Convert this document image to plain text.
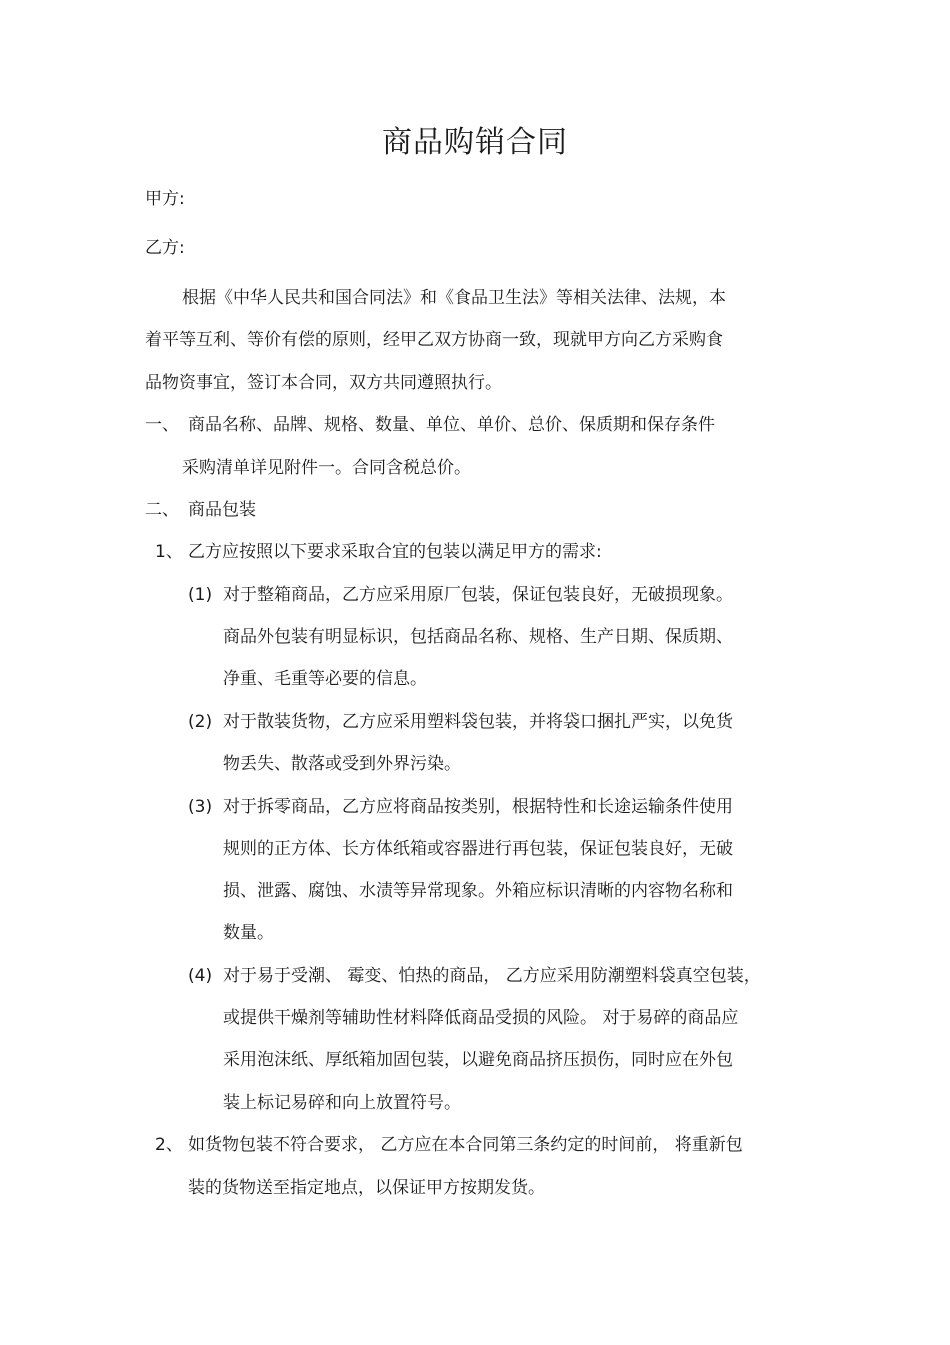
商品购销合同
甲方:
乙方:
根据《中华人民共和国合同法》和《食品卫生法》等相关法律、法规，本
着平等互利、等价有偿的原则，经甲乙双方协商一致，现就甲方向乙方采购食
品物资事宜，签订本合同，双方共同遵照执行。
一、 商品名称、品牌、规格、数量、单位、单价、总价、保质期和保存条件
采购清单详见附件一。合同含税总价。
二、 商品包装
1、 乙方应按照以下要求采取合宜的包装以满足甲方的需求:
(1) 对于整箱商品，乙方应采用原厂包装，保证包装良好，无破损现象。
商品外包装有明显标识，包括商品名称、规格、生产日期、保质期、
净重、毛重等必要的信息。
(2) 对于散装货物，乙方应采用塑料袋包装，并将袋口捆扎严实，以免货
物丢失、散落或受到外界污染。
(3) 对于拆零商品，乙方应将商品按类别，根据特性和长途运输条件使用
规则的正方体、长方体纸箱或容器进行再包装，保证包装良好，无破
损、泄露、腐蚀、水渍等异常现象。外箱应标识清晰的内容物名称和
数量。
(4) 对于易于受潮、 霉变、怕热的商品， 乙方应采用防潮塑料袋真空包装，
或提供干燥剂等辅助性材料降低商品受损的风险。 对于易碎的商品应
采用泡沫纸、厚纸箱加固包装，以避免商品挤压损伤，同时应在外包
装上标记易碎和向上放置符号。
2、 如货物包装不符合要求， 乙方应在本合同第三条约定的时间前， 将重新包
装的货物送至指定地点，以保证甲方按期发货。
